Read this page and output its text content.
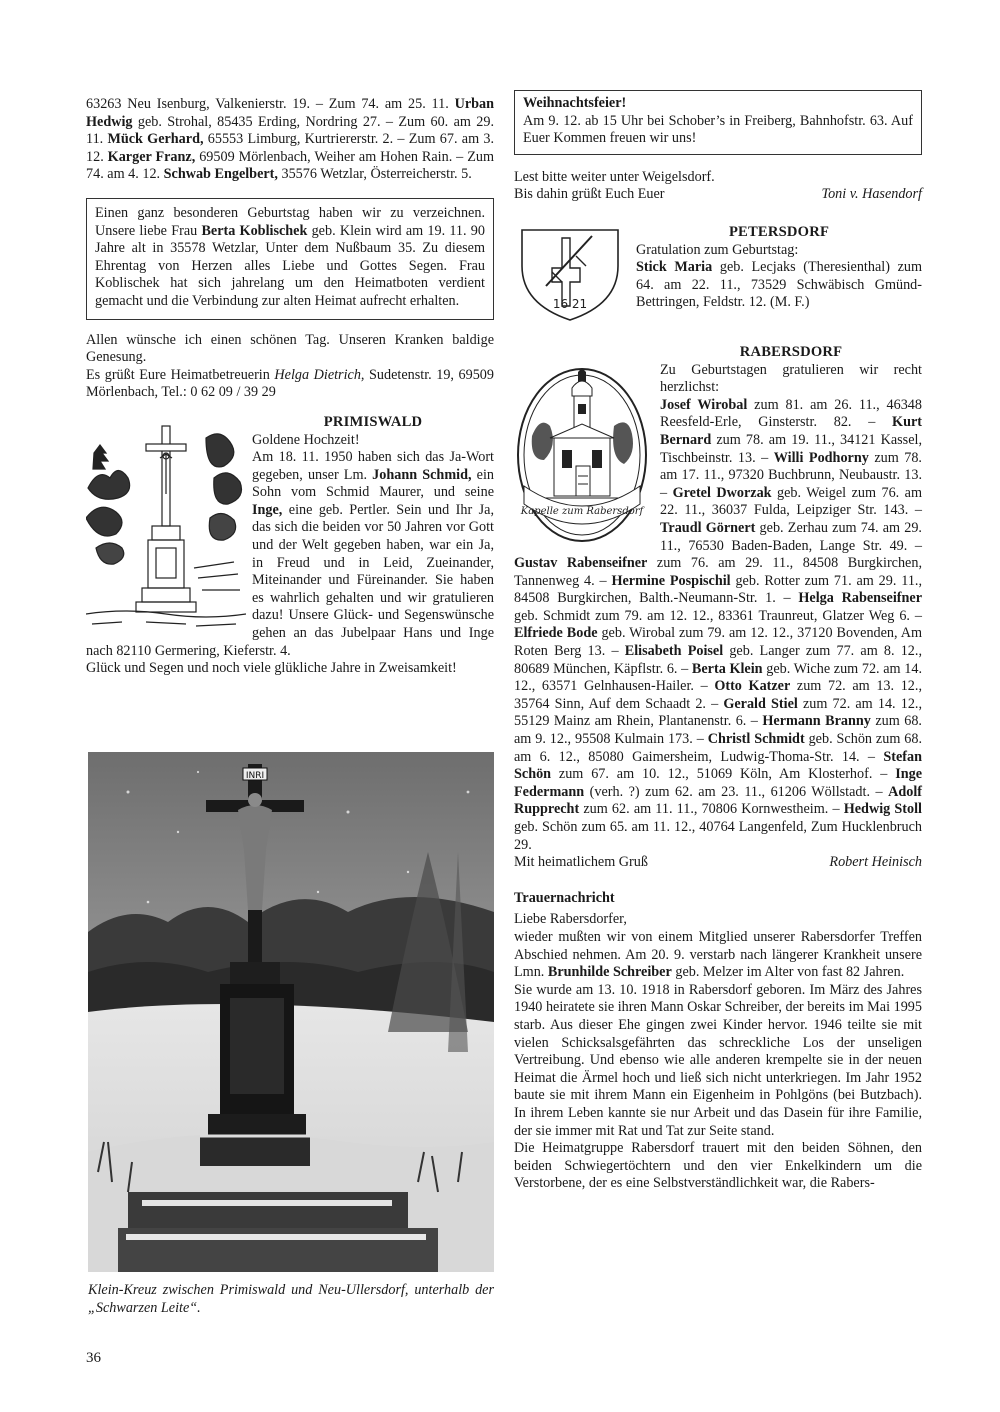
63263 Neu Isenburg, Valkenierstr. 19. – Zum 74. am 25. 11. Urban Hedwig geb. Strohal, 85435 Erding, Nordring 27. – Zum 60. am 29. 11. Mück Gerhard, 65553 Limburg, Kurtriererstr. 2. – Zum 67. am 3. 12. Karger Franz, 69509 Mörlenbach, Weiher am Hohen Rain. – Zum 74. am 4. 12. Schwab Engelbert, 35576 Wetzlar, Österreicherstr. 5.

Einen ganz besonderen Geburtstag haben wir zu verzeichnen. Unsere liebe Frau Berta Koblischek geb. Klein wird am 19. 11. 90 Jahre alt in 35578 Wetzlar, Unter dem Nußbaum 35. Zu diesem Ehrentag von Herzen alles Liebe und Gottes Segen. Frau Koblischek hat sich jahrelang um den Heimatboten verdient gemacht und die Verbindung zur alten Heimat aufrecht erhalten.

Allen wünsche ich einen schönen Tag. Unseren Kranken baldige Genesung.
Es grüßt Eure Heimatbetreuerin Helga Dietrich, Sudetenstr. 19, 69509 Mörlenbach, Tel.: 0 62 09 / 39 29

PRIMISWALD

Goldene Hochzeit!
Am 18. 11. 1950 haben sich das Ja-Wort gegeben, unser Lm. Johann Schmid, ein Sohn vom Schmid Maurer, und seine Inge, eine geb. Pertler. Sein und Ihr Ja, das sich die beiden vor 50 Jahren vor Gott und der Welt gegeben haben, war ein Ja, in Freud und in Leid, Zueinander, Miteinander und Füreinander. Sie haben es wahrlich gehalten und wir gratulieren dazu! Unsere Glück- und Segenswünsche gehen an das Jubelpaar Hans und Inge nach 82110 Germering, Kieferstr. 4.
Glück und Segen und noch viele glükliche Jahre in Zweisamkeit!

INRI

Klein-Kreuz zwischen Primiswald und Neu-Ullersdorf, unterhalb der „Schwarzen Leite“.

36

Weihnachtsfeier!

Am 9. 12. ab 15 Uhr bei Schober’s in Freiberg, Bahnhofstr. 63. Auf Euer Kommen freuen wir uns!

Lest bitte weiter unter Weigelsdorf.

Bis dahin grüßt Euch Euer	Toni v. Hasendorf
16 21

PETERSDORF

Gratulation zum Geburtstag:
Stick Maria geb. Lecjaks (Theresienthal) zum 64. am 22. 11., 73529 Schwäbisch Gmünd-Bettringen, Feldstr. 12. (M. F.)

Kapelle zum Rabersdorf

RABERSDORF

Zu Geburtstagen gratulieren wir recht herzlichst:
Josef Wirobal zum 81. am 26. 11., 46348 Reesfeld-Erle, Ginsterstr. 82. – Kurt Bernard zum 78. am 19. 11., 34121 Kassel, Tischbeinstr. 13. – Willi Podhorny zum 78. am 17. 11., 97320 Buchbrunn, Neubaustr. 13. – Gretel Dworzak geb. Weigel zum 76. am 22. 11., 36037 Fulda, Leipziger Str. 143. – Traudl Görnert geb. Zerhau zum 74. am 29. 11., 76530 Baden-Baden, Lange Str. 49. – Gustav Rabenseifner zum 76. am 29. 11., 84508 Burgkirchen, Tannenweg 4. – Hermine Pospischil geb. Rotter zum 71. am 29. 11., 84508 Burgkirchen, Balth.-Neumann-Str. 1. – Helga Rabenseifner geb. Schmidt zum 79. am 12. 12., 83361 Traunreut, Glatzer Weg 6. – Elfriede Bode geb. Wirobal zum 79. am 12. 12., 37120 Bovenden, Am Roten Berg 13. – Elisabeth Poisel geb. Langer zum 77. am 8. 12., 80689 München, Käpflstr. 6. – Berta Klein geb. Wiche zum 72. am 14. 12., 63571 Gelnhausen-Hailer. – Otto Katzer zum 72. am 13. 12., 35764 Sinn, Auf dem Schaadt 2. – Gerald Stiel zum 72. am 14. 12., 55129 Mainz am Rhein, Plantanenstr. 6. – Hermann Branny zum 68. am 9. 12., 95508 Kulmain 173. – Christl Schmidt geb. Schön zum 68. am 6. 12., 85080 Gaimersheim, Ludwig-Thoma-Str. 14. – Stefan Schön zum 67. am 10. 12., 51069 Köln, Am Klosterhof. – Inge Federmann (verh. ?) zum 62. am 23. 11., 61206 Wöllstadt. – Adolf Rupprecht zum 62. am 11. 11., 70806 Kornwestheim. – Hedwig Stoll geb. Schön zum 65. am 11. 12., 40764 Langenfeld, Zum Hucklenbruch 29.

Mit heimatlichem Gruß	Robert Heinisch

Trauernachricht

Liebe Rabersdorfer,

wieder mußten wir von einem Mitglied unserer Rabersdorfer Treffen Abschied nehmen. Am 20. 9. verstarb nach längerer Krankheit unsere Lmn. Brunhilde Schreiber geb. Melzer im Alter von fast 82 Jahren.

Sie wurde am 13. 10. 1918 in Rabersdorf geboren. Im März des Jahres 1940 heiratete sie ihren Mann Oskar Schreiber, der bereits im Mai 1995 starb. Aus dieser Ehe gingen zwei Kinder hervor. 1946 teilte sie mit vielen Schicksalsgefährten das schreckliche Los der unseligen Vertreibung. Und ebenso wie alle anderen krempelte sie in der neuen Heimat die Ärmel hoch und ließ sich nicht unterkriegen. Im Jahr 1952 baute sie mit ihrem Mann ein Eigenheim in Pohlgöns (bei Butzbach). In ihrem Leben kannte sie nur Arbeit und das Dasein für ihre Familie, der sie immer mit Rat und Tat zur Seite stand.

Die Heimatgruppe Rabersdorf trauert mit den beiden Söhnen, den beiden Schwiegertöchtern und den vier Enkelkindern um die Verstorbene, der es eine Selbstverständlichkeit war, die Rabers-
